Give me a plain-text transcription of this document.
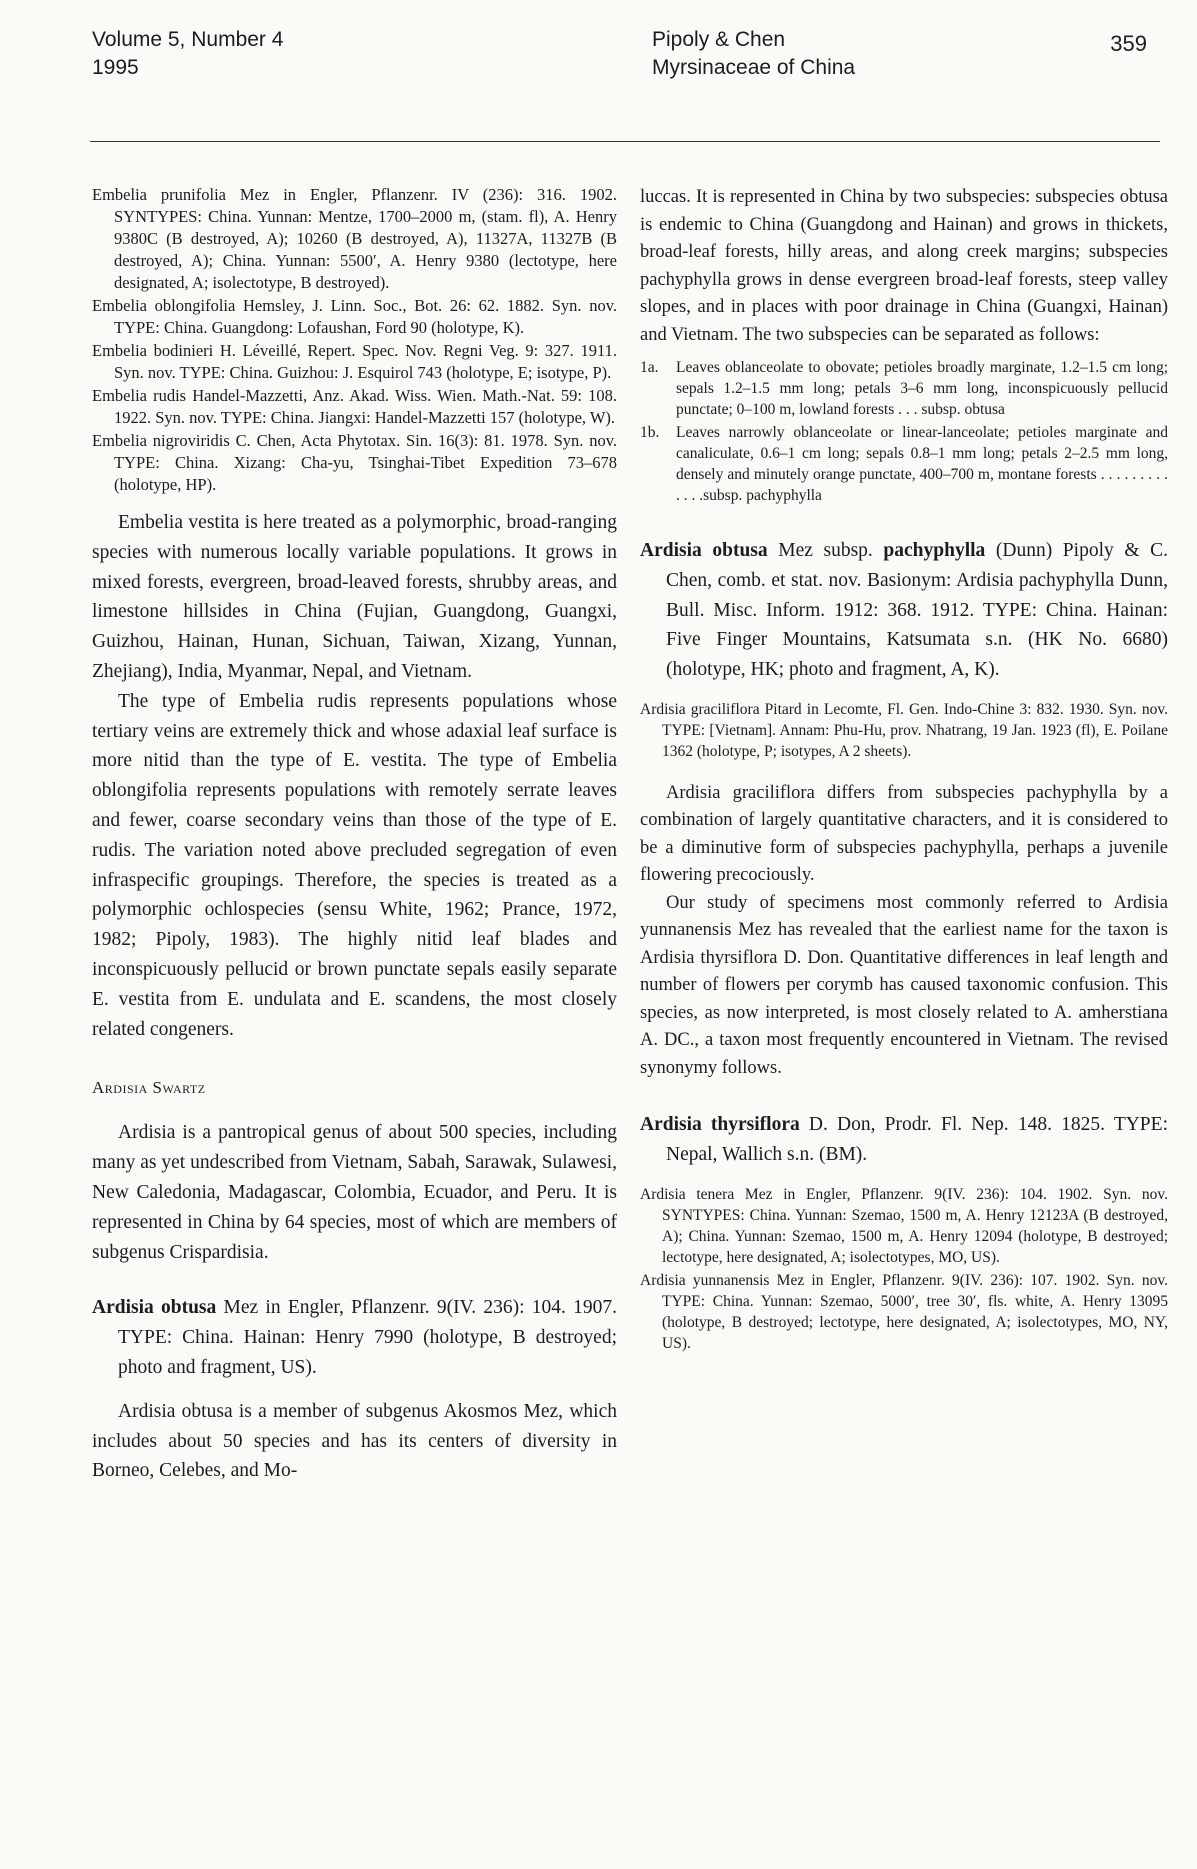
Volume 5, Number 4
1995
Pipoly & Chen
Myrsinaceae of China
359

Embelia prunifolia Mez in Engler, Pflanzenr. IV (236): 316. 1902. SYNTYPES: China. Yunnan: Mentze, 1700–2000 m, (stam. fl), A. Henry 9380C (B destroyed, A); 10260 (B destroyed, A), 11327A, 11327B (B destroyed, A); China. Yunnan: 5500′, A. Henry 9380 (lectotype, here designated, A; isolectotype, B destroyed).

Embelia oblongifolia Hemsley, J. Linn. Soc., Bot. 26: 62. 1882. Syn. nov. TYPE: China. Guangdong: Lofaushan, Ford 90 (holotype, K).

Embelia bodinieri H. Léveillé, Repert. Spec. Nov. Regni Veg. 9: 327. 1911. Syn. nov. TYPE: China. Guizhou: J. Esquirol 743 (holotype, E; isotype, P).

Embelia rudis Handel-Mazzetti, Anz. Akad. Wiss. Wien. Math.-Nat. 59: 108. 1922. Syn. nov. TYPE: China. Jiangxi: Handel-Mazzetti 157 (holotype, W).

Embelia nigroviridis C. Chen, Acta Phytotax. Sin. 16(3): 81. 1978. Syn. nov. TYPE: China. Xizang: Cha-yu, Tsinghai-Tibet Expedition 73–678 (holotype, HP).

Embelia vestita is here treated as a polymorphic, broad-ranging species with numerous locally variable populations. It grows in mixed forests, evergreen, broad-leaved forests, shrubby areas, and limestone hillsides in China (Fujian, Guangdong, Guangxi, Guizhou, Hainan, Hunan, Sichuan, Taiwan, Xizang, Yunnan, Zhejiang), India, Myanmar, Nepal, and Vietnam.

The type of Embelia rudis represents populations whose tertiary veins are extremely thick and whose adaxial leaf surface is more nitid than the type of E. vestita. The type of Embelia oblongifolia represents populations with remotely serrate leaves and fewer, coarse secondary veins than those of the type of E. rudis. The variation noted above precluded segregation of even infraspecific groupings. Therefore, the species is treated as a polymorphic ochlospecies (sensu White, 1962; Prance, 1972, 1982; Pipoly, 1983). The highly nitid leaf blades and inconspicuously pellucid or brown punctate sepals easily separate E. vestita from E. undulata and E. scandens, the most closely related congeners.

Ardisia Swartz

Ardisia is a pantropical genus of about 500 species, including many as yet undescribed from Vietnam, Sabah, Sarawak, Sulawesi, New Caledonia, Madagascar, Colombia, Ecuador, and Peru. It is represented in China by 64 species, most of which are members of subgenus Crispardisia.

Ardisia obtusa Mez in Engler, Pflanzenr. 9(IV. 236): 104. 1907. TYPE: China. Hainan: Henry 7990 (holotype, B destroyed; photo and fragment, US).

Ardisia obtusa is a member of subgenus Akosmos Mez, which includes about 50 species and has its centers of diversity in Borneo, Celebes, and Mo-

luccas. It is represented in China by two subspecies: subspecies obtusa is endemic to China (Guangdong and Hainan) and grows in thickets, broad-leaf forests, hilly areas, and along creek margins; subspecies pachyphylla grows in dense evergreen broad-leaf forests, steep valley slopes, and in places with poor drainage in China (Guangxi, Hainan) and Vietnam. The two subspecies can be separated as follows:

1a. Leaves oblanceolate to obovate; petioles broadly marginate, 1.2–1.5 cm long; sepals 1.2–1.5 mm long; petals 3–6 mm long, inconspicuously pellucid punctate; 0–100 m, lowland forests . . . subsp. obtusa
1b. Leaves narrowly oblanceolate or linear-lanceolate; petioles marginate and canaliculate, 0.6–1 cm long; sepals 0.8–1 mm long; petals 2–2.5 mm long, densely and minutely orange punctate, 400–700 m, montane forests . . . . . . . . . . . . .subsp. pachyphylla

Ardisia obtusa Mez subsp. pachyphylla (Dunn) Pipoly & C. Chen, comb. et stat. nov. Basionym: Ardisia pachyphylla Dunn, Bull. Misc. Inform. 1912: 368. 1912. TYPE: China. Hainan: Five Finger Mountains, Katsumata s.n. (HK No. 6680) (holotype, HK; photo and fragment, A, K).

Ardisia graciliflora Pitard in Lecomte, Fl. Gen. Indo-Chine 3: 832. 1930. Syn. nov. TYPE: [Vietnam]. Annam: Phu-Hu, prov. Nhatrang, 19 Jan. 1923 (fl), E. Poilane 1362 (holotype, P; isotypes, A 2 sheets).

Ardisia graciliflora differs from subspecies pachyphylla by a combination of largely quantitative characters, and it is considered to be a diminutive form of subspecies pachyphylla, perhaps a juvenile flowering precociously.

Our study of specimens most commonly referred to Ardisia yunnanensis Mez has revealed that the earliest name for the taxon is Ardisia thyrsiflora D. Don. Quantitative differences in leaf length and number of flowers per corymb has caused taxonomic confusion. This species, as now interpreted, is most closely related to A. amherstiana A. DC., a taxon most frequently encountered in Vietnam. The revised synonymy follows.

Ardisia thyrsiflora D. Don, Prodr. Fl. Nep. 148. 1825. TYPE: Nepal, Wallich s.n. (BM).

Ardisia tenera Mez in Engler, Pflanzenr. 9(IV. 236): 104. 1902. Syn. nov. SYNTYPES: China. Yunnan: Szemao, 1500 m, A. Henry 12123A (B destroyed, A); China. Yunnan: Szemao, 1500 m, A. Henry 12094 (holotype, B destroyed; lectotype, here designated, A; isolectotypes, MO, US).

Ardisia yunnanensis Mez in Engler, Pflanzenr. 9(IV. 236): 107. 1902. Syn. nov. TYPE: China. Yunnan: Szemao, 5000′, tree 30′, fls. white, A. Henry 13095 (holotype, B destroyed; lectotype, here designated, A; isolectotypes, MO, NY, US).
